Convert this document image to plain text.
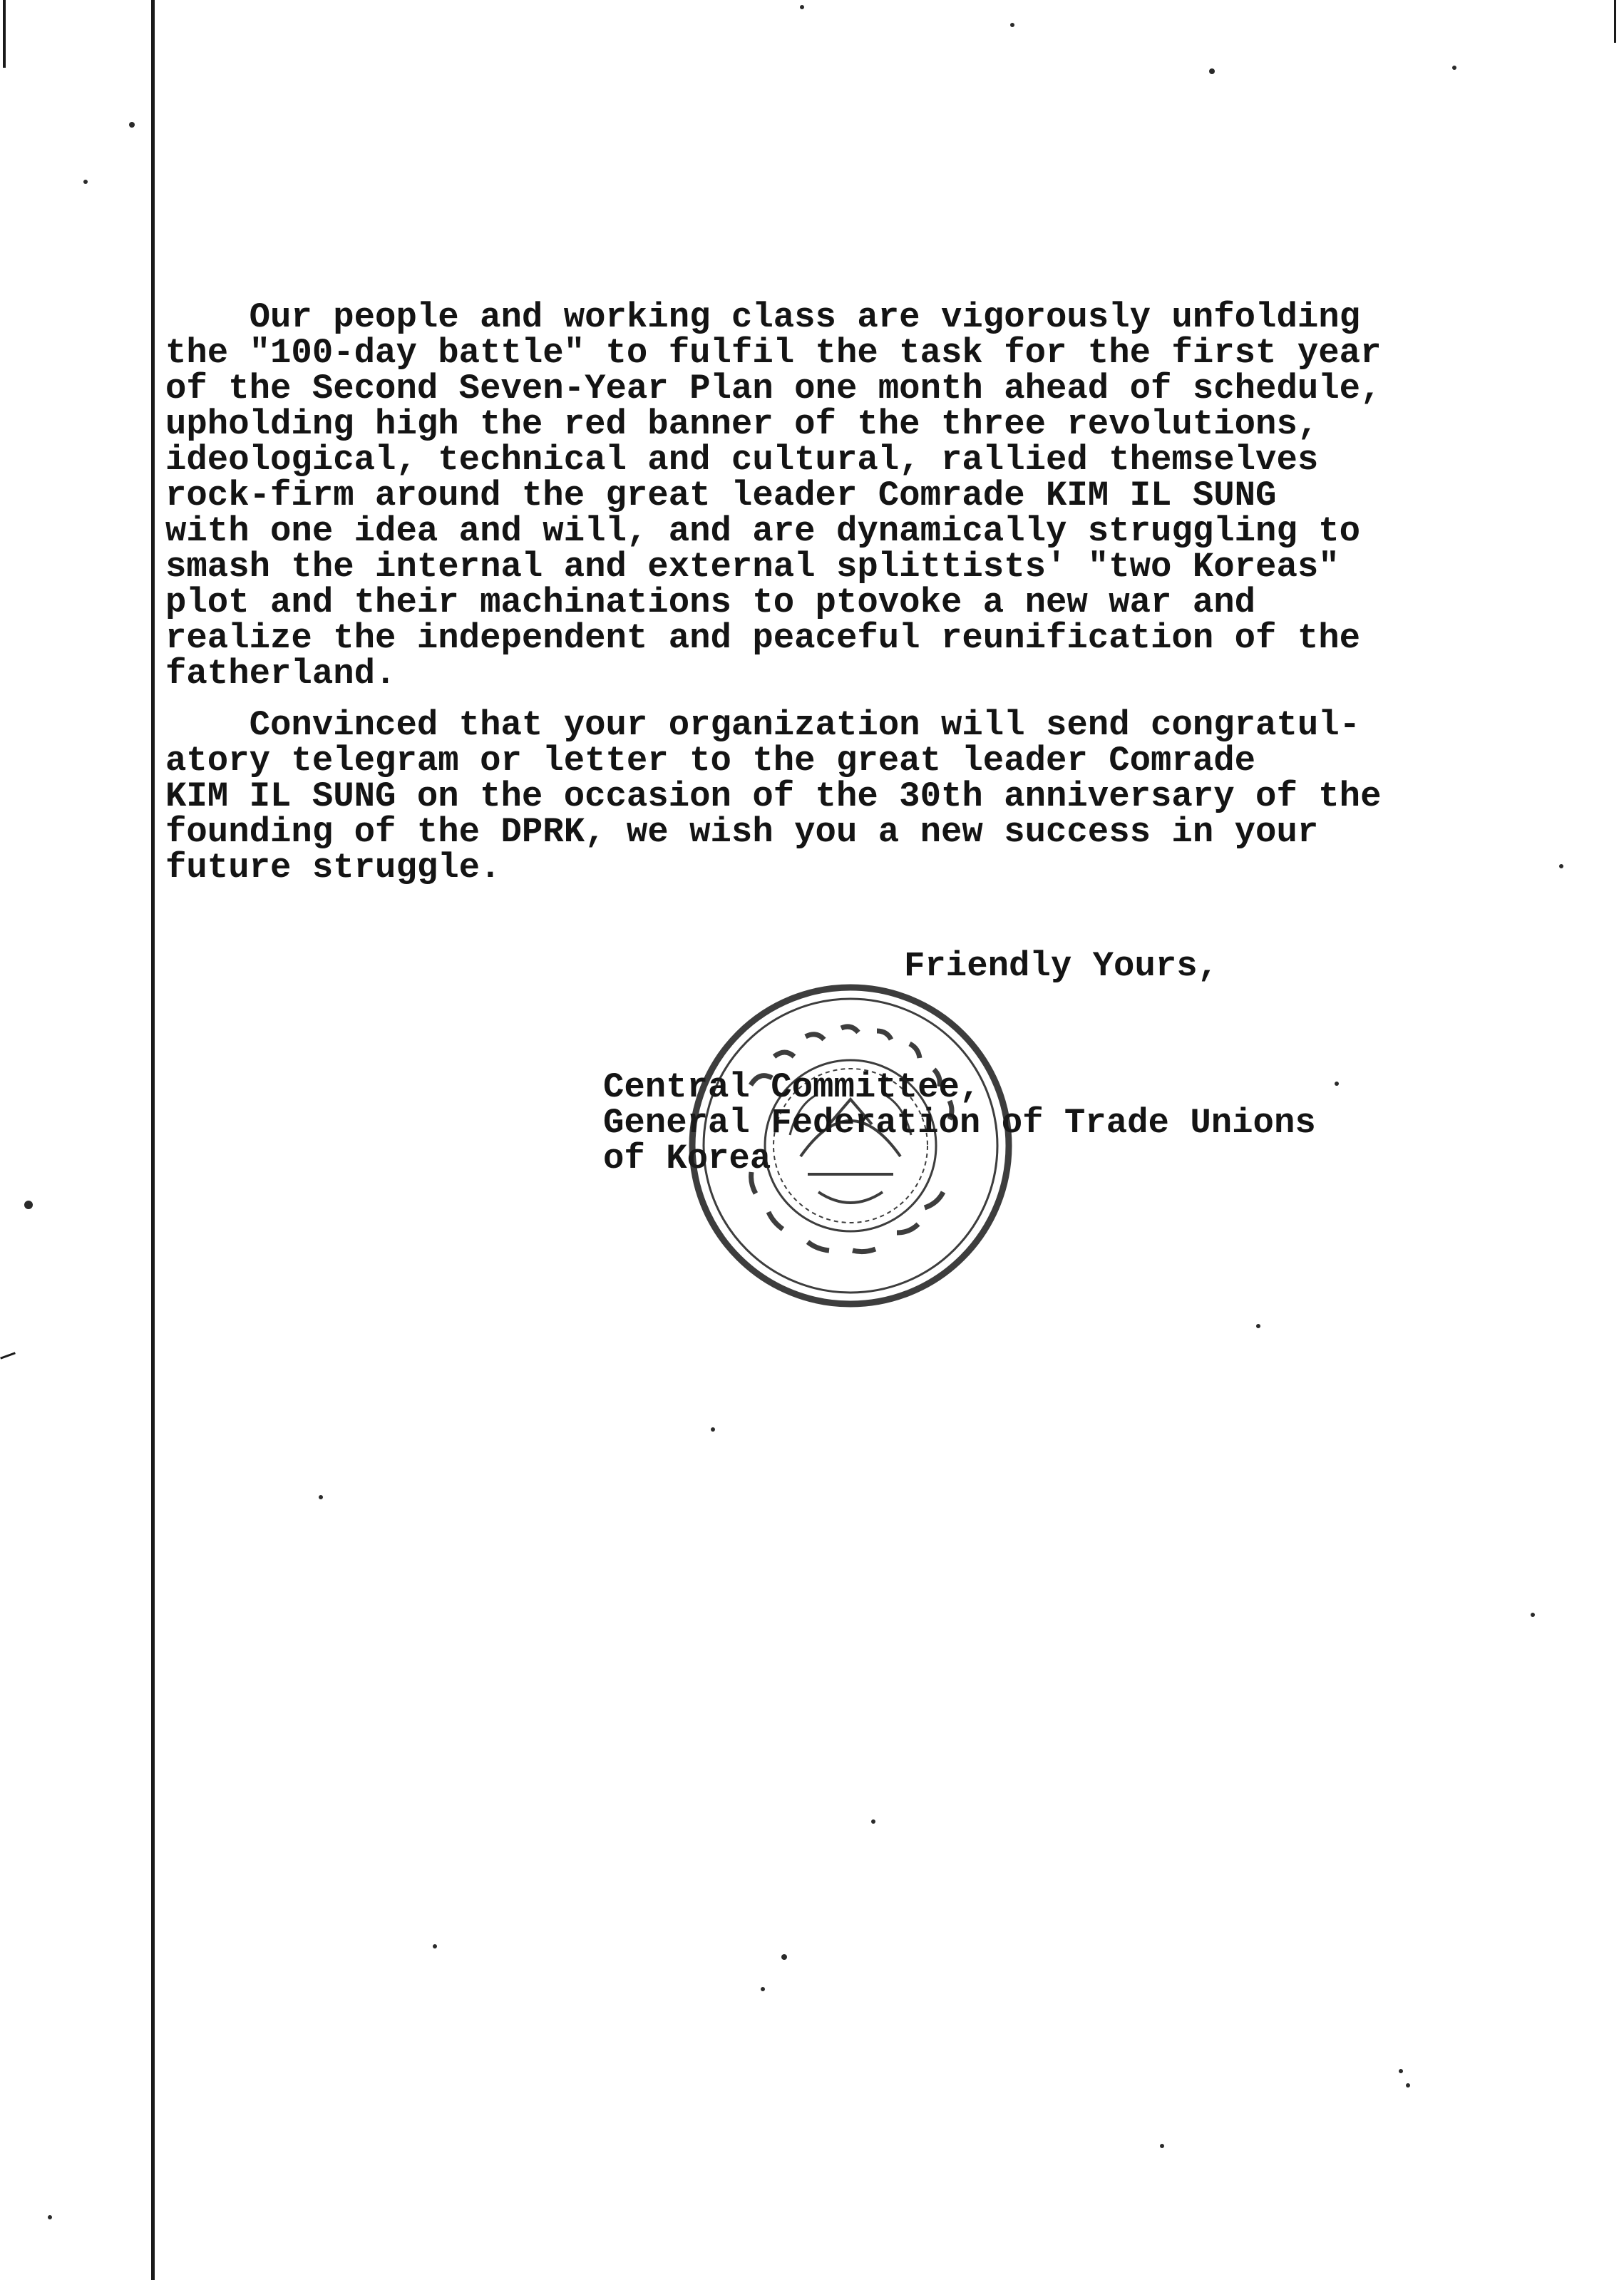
Our people and working class are vigorously unfolding
the "100-day battle" to fulfil the task for the first year
of the Second Seven-Year Plan one month ahead of schedule,
upholding high the red banner of the three revolutions,
ideological, technical and cultural, rallied themselves
rock-firm around the great leader Comrade KIM IL SUNG
with one idea and will, and are dynamically struggling to
smash the internal and external splittists' "two Koreas"
plot and their machinations to ptovoke a new war and
realize the independent and peaceful reunification of the
fatherland.
Convinced that your organization will send congratul-
atory telegram or letter to the great leader Comrade
KIM IL SUNG on the occasion of the 30th anniversary of the
founding of the DPRK, we wish you a new success in your
future struggle.
Friendly Yours,
Central Committee,
General Federation of Trade Unions
of Korea
